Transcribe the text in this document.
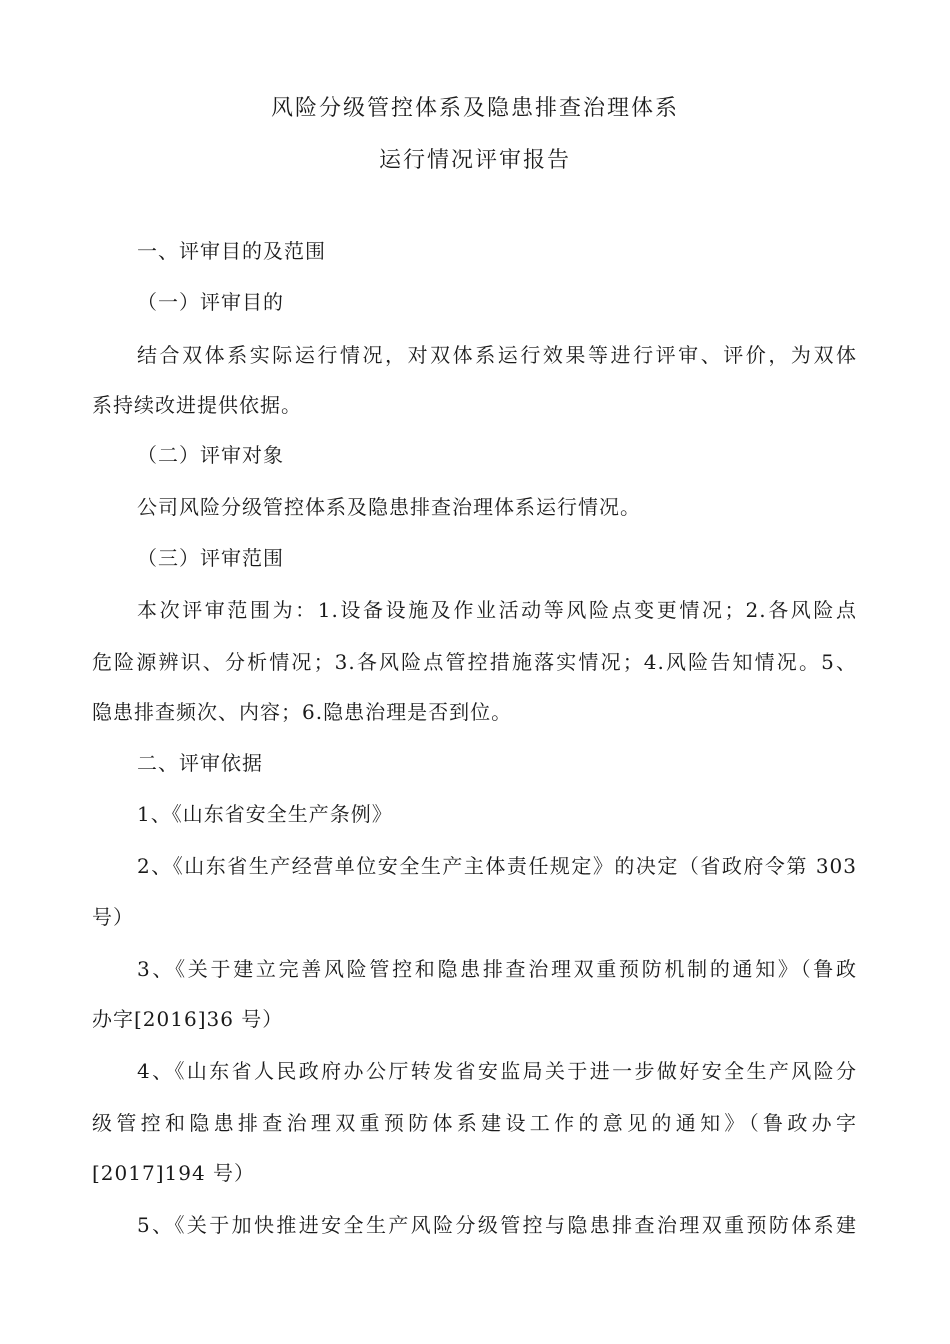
风险分级管控体系及隐患排查治理体系
运行情况评审报告
一、评审目的及范围
（一）评审目的
结合双体系实际运行情况，对双体系运行效果等进行评审、评价，为双体
系持续改进提供依据。
（二）评审对象
公司风险分级管控体系及隐患排查治理体系运行情况。
（三）评审范围
本次评审范围为：1.设备设施及作业活动等风险点变更情况；2.各风险点
危险源辨识、分析情况；3.各风险点管控措施落实情况；4.风险告知情况。5、
隐患排查频次、内容；6.隐患治理是否到位。
二、评审依据
1、《山东省安全生产条例》
2、《山东省生产经营单位安全生产主体责任规定》的决定（省政府令第 303
号）
3、《关于建立完善风险管控和隐患排查治理双重预防机制的通知》（鲁政
办字[2016]36 号）
4、《山东省人民政府办公厅转发省安监局关于进一步做好安全生产风险分
级管控和隐患排查治理双重预防体系建设工作的意见的通知》（鲁政办字
[2017]194 号）
5、《关于加快推进安全生产风险分级管控与隐患排查治理双重预防体系建
